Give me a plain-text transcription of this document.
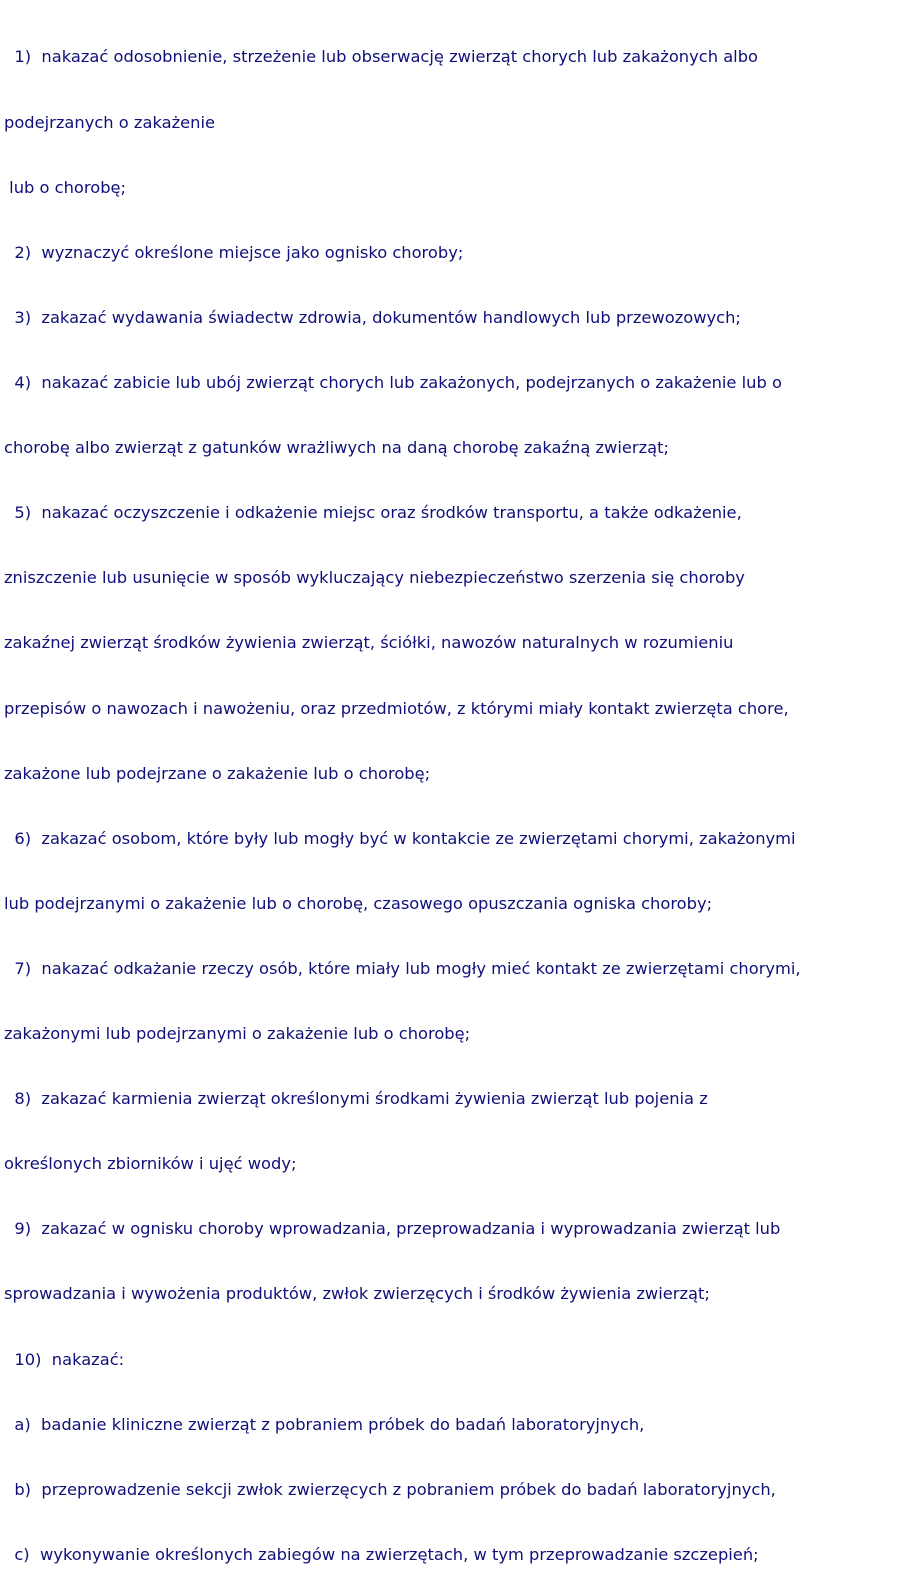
1)  nakazać odosobnienie, strzeżenie lub obserwację zwierząt chorych lub zakażonych albo

podejrzanych o zakażenie

lub o chorobę;

2)  wyznaczyć określone miejsce jako ognisko choroby;

3)  zakazać wydawania świadectw zdrowia, dokumentów handlowych lub przewozowych;

4)  nakazać zabicie lub ubój zwierząt chorych lub zakażonych, podejrzanych o zakażenie lub o

chorobę albo zwierząt z gatunków wrażliwych na daną chorobę zakaźną zwierząt;

5)  nakazać oczyszczenie i odkażenie miejsc oraz środków transportu, a także odkażenie,

zniszczenie lub usunięcie w sposób wykluczający niebezpieczeństwo szerzenia się choroby

zakaźnej zwierząt środków żywienia zwierząt, ściółki, nawozów naturalnych w rozumieniu

przepisów o nawozach i nawożeniu, oraz przedmiotów, z którymi miały kontakt zwierzęta chore,

zakażone lub podejrzane o zakażenie lub o chorobę;

6)  zakazać osobom, które były lub mogły być w kontakcie ze zwierzętami chorymi, zakażonymi

lub podejrzanymi o zakażenie lub o chorobę, czasowego opuszczania ogniska choroby;

7)  nakazać odkażanie rzeczy osób, które miały lub mogły mieć kontakt ze zwierzętami chorymi,

zakażonymi lub podejrzanymi o zakażenie lub o chorobę;

8)  zakazać karmienia zwierząt określonymi środkami żywienia zwierząt lub pojenia z

określonych zbiorników i ujęć wody;

9)  zakazać w ognisku choroby wprowadzania, przeprowadzania i wyprowadzania zwierząt lub

sprowadzania i wywożenia produktów, zwłok zwierzęcych i środków żywienia zwierząt;

10)  nakazać:

a)  badanie kliniczne zwierząt z pobraniem próbek do badań laboratoryjnych,

b)  przeprowadzenie sekcji zwłok zwierzęcych z pobraniem próbek do badań laboratoryjnych,

c)  wykonywanie określonych zabiegów na zwierzętach, w tym przeprowadzanie szczepień;
